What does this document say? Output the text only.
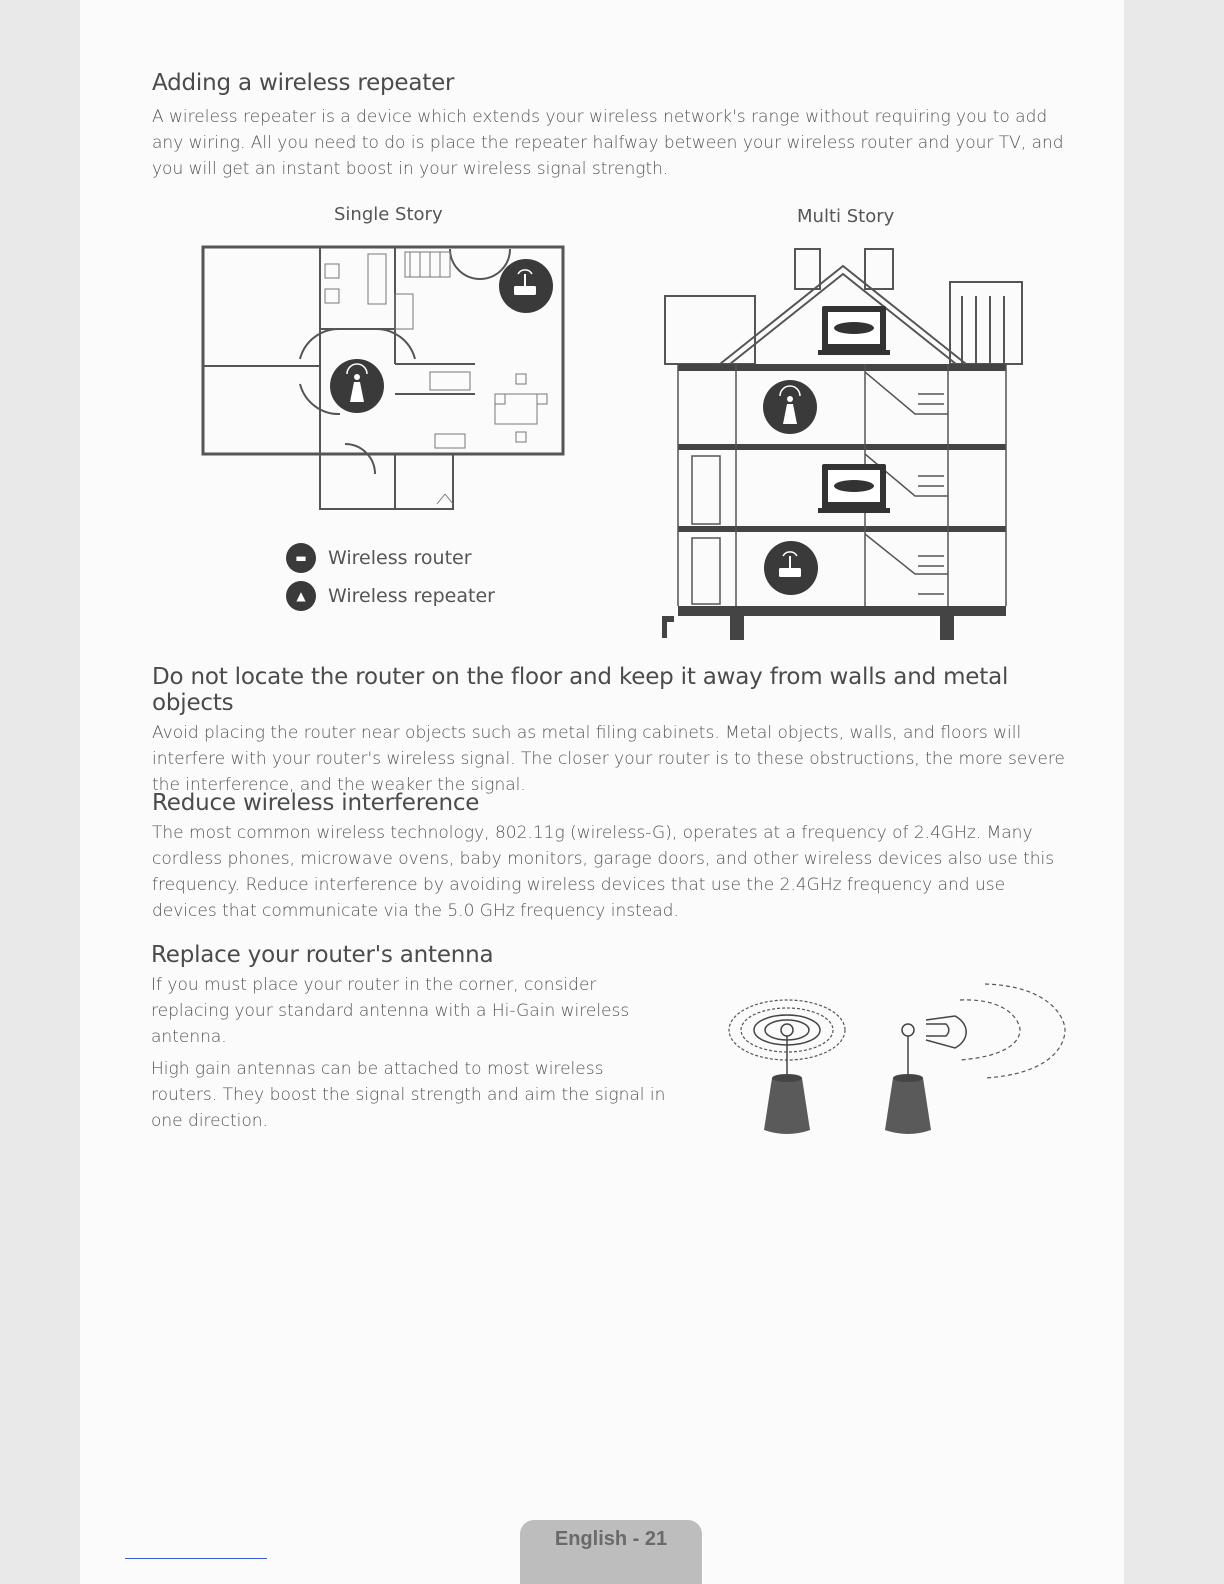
Adding a wireless repeater

A wireless repeater is a device which extends your wireless network's range without requiring you to add any wiring. All you need to do is place the repeater halfway between your wireless router and your TV, and you will get an instant boost in your wireless signal strength.

Single Story	Multi Story
▬	Wireless router
▲	Wireless repeater
Do not locate the router on the floor and keep it away from walls and metal objects

Avoid placing the router near objects such as metal filing cabinets. Metal objects, walls, and floors will interfere with your router's wireless signal. The closer your router is to these obstructions, the more severe the interference, and the weaker the signal.

Reduce wireless interference

The most common wireless technology, 802.11g (wireless-G), operates at a frequency of 2.4GHz. Many cordless phones, microwave ovens, baby monitors, garage doors, and other wireless devices also use this frequency. Reduce interference by avoiding wireless devices that use the 2.4GHz frequency and use devices that communicate via the 5.0 GHz frequency instead.

Replace your router's antenna

If you must place your router in the corner, consider replacing your standard antenna with a Hi-Gain wireless antenna.

High gain antennas can be attached to most wireless routers. They boost the signal strength and aim the signal in one direction.

English - 21
